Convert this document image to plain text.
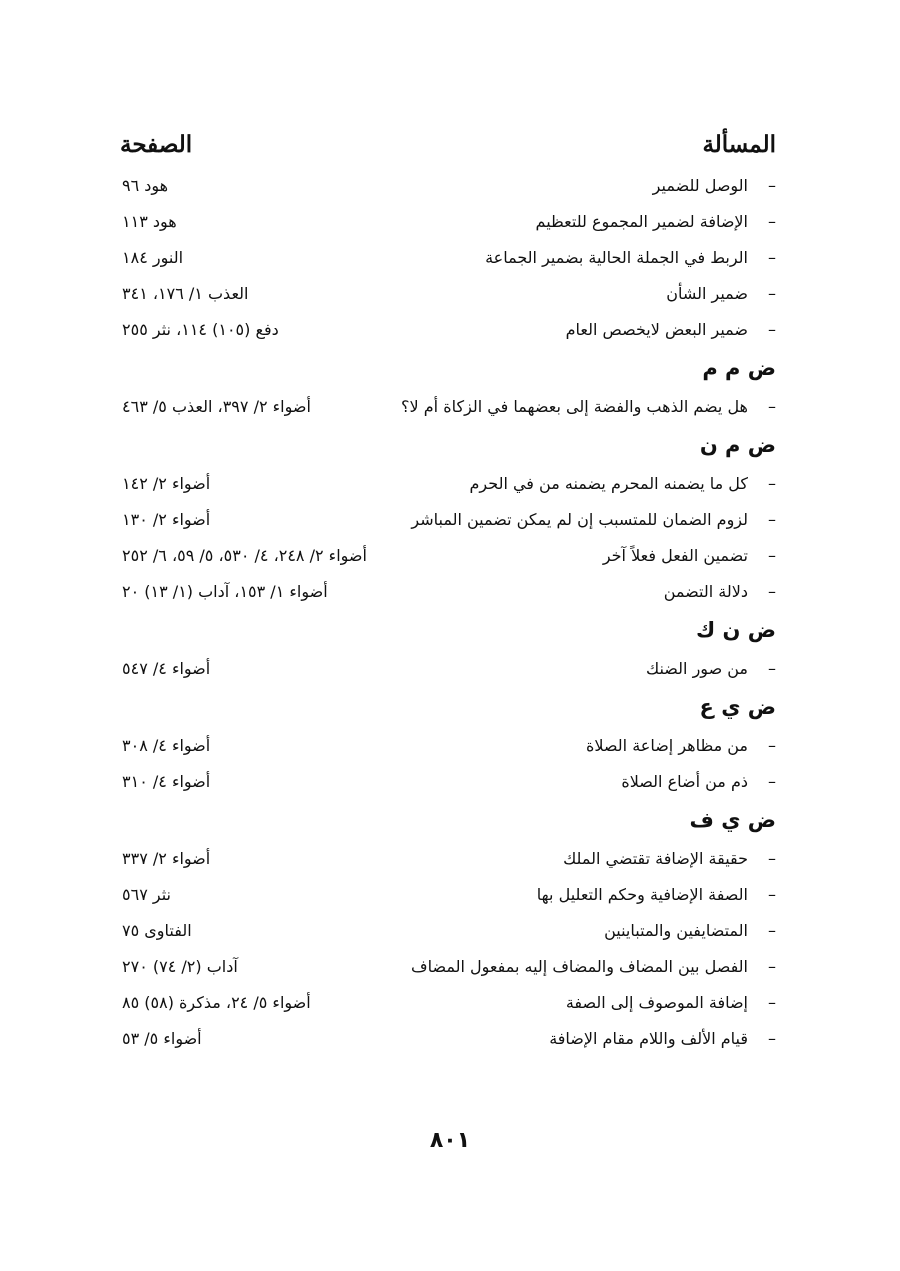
المسألة
الصفحة
–
الوصل للضمير
هود ٩٦
–
الإضافة لضمير المجموع للتعظيم
هود ١١٣
–
الربط في الجملة الحالية بضمير الجماعة
النور ١٨٤
–
ضمير الشأن
العذب ١/ ١٧٦، ٣٤١
–
ضمير البعض لايخصص العام
دفع (١٠٥) ١١٤، نثر ٢٥٥
ض م م
–
هل يضم الذهب والفضة إلى بعضهما في الزكاة أم لا؟
أضواء ٢/ ٣٩٧، العذب ٥/ ٤٦٣
ض م ن
–
كل ما يضمنه المحرم يضمنه من في الحرم
أضواء ٢/ ١٤٢
–
لزوم الضمان للمتسبب إن لم يمكن تضمين المباشر
أضواء ٢/ ١٣٠
–
تضمين الفعل فعلاً آخر
أضواء ٢/ ٢٤٨، ٤/ ٥٣٠، ٥/ ٥٩، ٦/ ٢٥٢
–
دلالة التضمن
أضواء ١/ ١٥٣، آداب (١/ ١٣) ٢٠
ض ن ك
–
من صور الضنك
أضواء ٤/ ٥٤٧
ض ي ع
–
من مظاهر إضاعة الصلاة
أضواء ٤/ ٣٠٨
–
ذم من أضاع الصلاة
أضواء ٤/ ٣١٠
ض ي ف
–
حقيقة الإضافة تقتضي الملك
أضواء ٢/ ٣٣٧
–
الصفة الإضافية وحكم التعليل بها
نثر ٥٦٧
–
المتضايفين والمتباينين
الفتاوى ٧٥
–
الفصل بين المضاف والمضاف إليه بمفعول المضاف
آداب (٢/ ٧٤) ٢٧٠
–
إضافة الموصوف إلى الصفة
أضواء ٥/ ٢٤، مذكرة (٥٨) ٨٥
–
قيام الألف واللام مقام الإضافة
أضواء ٥/ ٥٣
٨٠١
